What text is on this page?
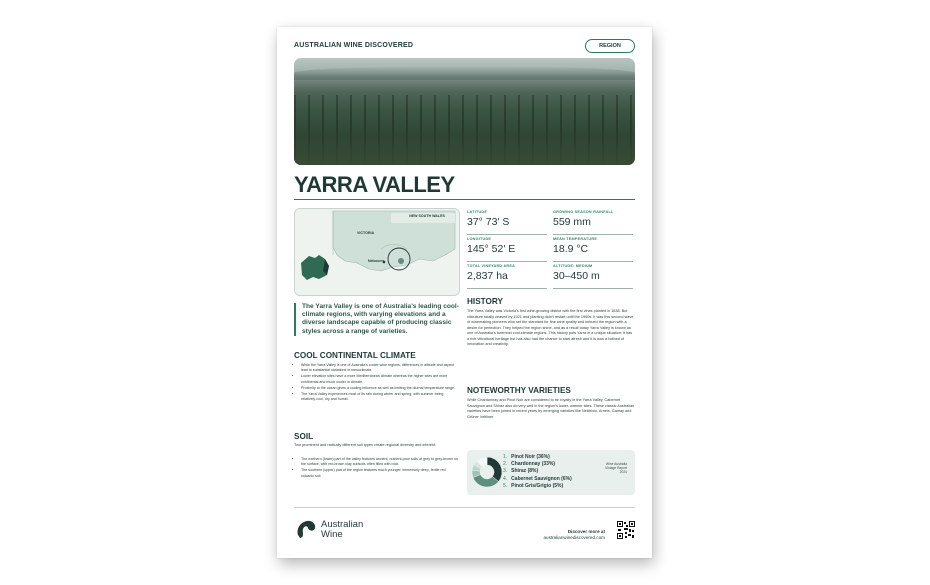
AUSTRALIAN WINE DISCOVERED	REGION
YARRA VALLEY
VICTORIA
NEW SOUTH WALES
Melbourne
LATITUDE
37° 73' S
GROWING SEASON RAINFALL
559 mm
LONGITUDE
145° 52' E
MEAN TEMPERATURE
18.9 °C
TOTAL VINEYARD AREA
2,837 ha
ALTITUDE: MEDIUM
30–450 m
The Yarra Valley is one of Australia's leading cool-climate regions, with varying elevations and a diverse landscape capable of producing classic styles across a range of varieties.
COOL CONTINENTAL CLIMATE
• While the Yarra Valley is one of Australia's cooler wine regions, differences in altitude and aspect lead to substantial variations in mesoclimate.
• Lower elevation sites have a more Mediterranean climate whereas the higher sites are more continental and much cooler in climate.
• Proximity to the ocean gives a cooling influence as well as limiting the diurnal temperature range.
• The Yarra Valley experiences most of its rain during winter and spring, with summer being relatively cool, dry and humid.
SOIL
Two prominent and radically different soil types create regional diversity and interest:
• The northern (lower) part of the valley features ancient, nutrient-poor soils of grey to grey-brown on the surface, with red-brown clay subsoils often filled with rock.
• The southern (upper) part of the region features much younger, immensely deep, fertile red volcanic soil.
HISTORY
The Yarra Valley was Victoria's first wine-growing district with the first vines planted in 1838. But viticulture totally ceased by 1921 and planting didn't restart until the 1960s. It was this second wave of winemaking pioneers who set the standard for fine wine quality and imbued the region with a desire for perfection. They helped the region shine, and as a result today Yarra Valley is known as one of Australia's foremost cool-climate regions. This history puts Yarra in a unique situation: it has a rich viticultural heritage but has also had the chance to start afresh and it is now a hotbed of innovation and creativity.
NOTEWORTHY VARIETIES
While Chardonnay and Pinot Noir are considered to be royalty in the Yarra Valley, Cabernet Sauvignon and Shiraz also do very well in the region's lower, warmer sites. These classic Australian varieties have been joined in recent years by emerging varieties like Nebbiolo, Arneis, Gamay and Grüner Veltliner.
1. Pinot Noir (36%)
2. Chardonnay (33%)
3. Shiraz (8%)
4. Cabernet Sauvignon (6%)
5. Pinot Gris/Grigio (5%)
Wine Australia Vintage Report 2024
Australian
Wine	Discover more at
australianwinediscovered.com
